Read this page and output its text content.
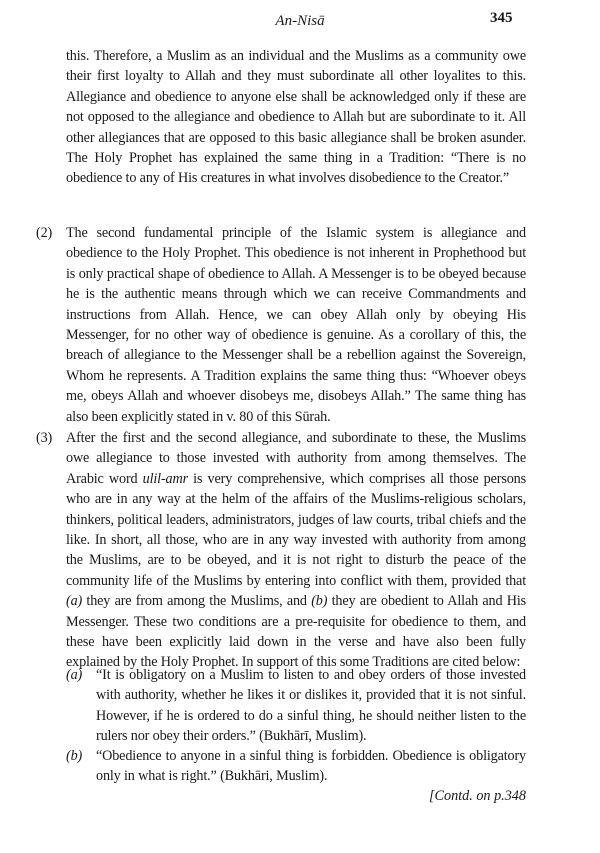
An-Nisā	345
this. Therefore, a Muslim as an individual and the Muslims as a community owe their first loyalty to Allah and they must subordinate all other loyalites to this. Allegiance and obedience to anyone else shall be acknowledged only if these are not opposed to the allegiance and obedience to Allah but are subordinate to it. All other allegiances that are opposed to this basic allegiance shall be broken asunder. The Holy Prophet has explained the same thing in a Tradition: “There is no obedience to any of His creatures in what involves disobedience to the Creator.”
(2) The second fundamental principle of the Islamic system is allegiance and obedience to the Holy Prophet. This obedience is not inherent in Prophethood but is only practical shape of obedience to Allah. A Messenger is to be obeyed because he is the authentic means through which we can receive Commandments and instructions from Allah. Hence, we can obey Allah only by obeying His Messenger, for no other way of obedience is genuine. As a corollary of this, the breach of allegiance to the Messenger shall be a rebellion against the Sovereign, Whom he represents. A Tradition explains the same thing thus: “Whoever obeys me, obeys Allah and whoever disobeys me, disobeys Allah.” The same thing has also been explicitly stated in v. 80 of this Sūrah.
(3) After the first and the second allegiance, and subordinate to these, the Muslims owe allegiance to those invested with authority from among themselves. The Arabic word ulil-amr is very comprehensive, which comprises all those persons who are in any way at the helm of the affairs of the Muslims-religious scholars, thinkers, political leaders, administrators, judges of law courts, tribal chiefs and the like. In short, all those, who are in any way invested with authority from among the Muslims, are to be obeyed, and it is not right to disturb the peace of the community life of the Muslims by entering into conflict with them, provided that (a) they are from among the Muslims, and (b) they are obedient to Allah and His Messenger. These two conditions are a pre-requisite for obedience to them, and these have been explicitly laid down in the verse and have also been fully explained by the Holy Prophet. In support of this some Traditions are cited below:
(a) “It is obligatory on a Muslim to listen to and obey orders of those invested with authority, whether he likes it or dislikes it, provided that it is not sinful. However, if he is ordered to do a sinful thing, he should neither listen to the rulers nor obey their orders.” (Bukhārī, Muslim).
(b) “Obedience to anyone in a sinful thing is forbidden. Obedience is obligatory only in what is right.” (Bukhāri, Muslim).
[Contd. on p.348
